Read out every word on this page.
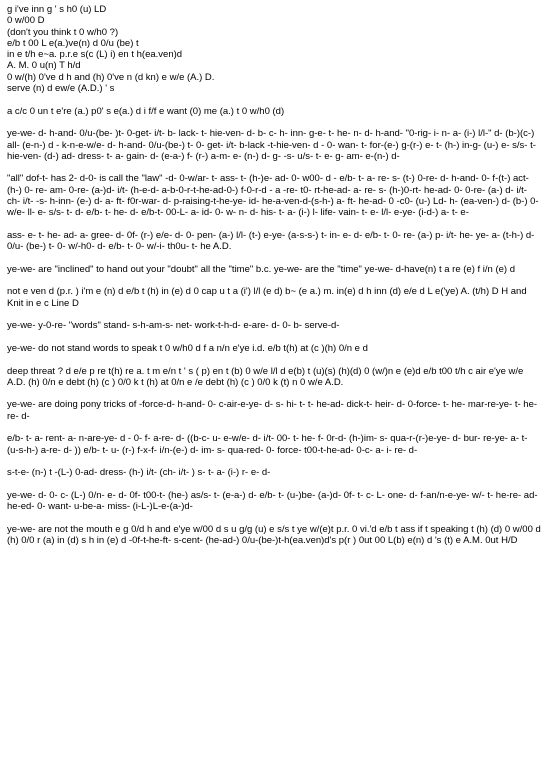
g i've inn g ' s h0 (u) LD

0 w/00 D

(don't you think t 0 w/h0 ?)

e/b t 00 L e(a.)ve(n) d 0/u (be) t

in e t/h e~a. p.r.e s(c (L) i) en t h(ea.ven)d

A. M. 0 u(n) T h/d

0 w/(h) 0've d h and (h) 0've n (d kn) e w/e (A.) D.

serve (n) d ew/e (A.D.) ' s

a c/c 0 un t e're (a.) p0' s e(a.) d i f/f e want (0) me (a.) t 0 w/h0 (d)

ye-we- d- h-and- 0/u-(be- )t- 0-get- i/t- b- lack- t- hie-ven- d- b- c- h- inn- g-e- t- he- n- d- h-and- "0-rig- i- n- a- (i-) l/l-" d- (b-)(c-) all- (e-n-) d - k-n-e-w/e- d- h-and- 0/u-(be-) t- 0- get- i/t- b-lack -t-hie-ven- d - 0- wan- t- for-(e-) g-(r-) e- t- (h-) in-g- (u-) e- s/s- t- hie-ven- (d-) ad- dress- t- a- gain- d- (e-a-) f- (r-) a-m- e- (n-) d- g- -s- u/s- t- e- g- am- e-(n-) d-

"all" dof-t- has 2- d-0- is call the "law" -d- 0-w/ar- t- ass- t- (h-)e- ad- 0- w00- d - e/b- t- a- re- s- (t-) 0-re- d- h-and- 0- f-(t-) act- (h-) 0- re- am- 0-re- (a-)d- i/t- (h-e-d- a-b-0-r-t-he-ad-0-) f-0-r-d - a -re- t0- rt-he-ad- a- re- s- (h-)0-rt- he-ad- 0- 0-re- (a-) d- i/t- ch- i/t- -s- h-inn- (e-) d- a- ft- f0r-war- d- p-raising-t-he-ye- id- he-a-ven-d-(s-h-) a- ft- he-ad- 0 -c0- (u-) Ld- h- (ea-ven-) d- (b-) 0- w/e- ll- e- s/s- t- d- e/b- t- he- d- e/b-t- 00-L- a- id- 0- w- n- d- his- t- a- (i-) l- life- vain- t- e- l/l- e-ye- (i-d-) a- t- e-

ass- e- t- he- ad- a- gree- d- 0f- (r-) e/e- d- 0- pen- (a-) l/l- (t-) e-ye- (a-s-s-) t- in- e- d- e/b- t- 0- re- (a-) p- i/t- he- ye- a- (t-h-) d- 0/u- (be-) t- 0- w/-h0- d- e/b- t- 0- w/-i- th0u- t- he A.D.

ye-we- are "inclined" to hand out your "doubt" all the "time" b.c. ye-we- are the "time" ye-we- d-have(n) t a re (e) f i/n (e) d

not e ven d (p.r. ) i'm e (n) d e/b t (h) in (e) d 0 cap u t a (i') l/l (e d) b~ (e a.) m. in(e) d h inn (d) e/e d L e('ye) A. (t/h) D H and Knit in e c Line D

ye-we- y-0-re- "words" stand- s-h-am-s- net- work-t-h-d- e-are- d- 0- b- serve-d-

ye-we- do not stand words to speak t 0 w/h0 d f a n/n e'ye i.d. e/b t(h) at (c )(h) 0/n e d

deep threat ? d e/e p re t(h) re a. t m e/n t ' s ( p) en t (b) 0 w/e l/l d e(b) t (u)(s) (h)(d) 0 (w/)n e (e)d e/b t00 t/h c air e'ye w/e A.D. (h) 0/n e debt (h) (c ) 0/0 k t (h) at 0/n e /e debt (h) (c ) 0/0 k (t) n 0 w/e A.D.

ye-we- are doing pony tricks of -force-d- h-and- 0- c-air-e-ye- d- s- hi- t- t- he-ad- dick-t- heir- d- 0-force- t- he- mar-re-ye- t- he-re- d-

e/b- t- a- rent- a- n-are-ye- d - 0- f- a-re- d- ((b-c- u- e-w/e- d- i/t- 00- t- he- f- 0r-d- (h-)im- s- qua-r-(r-)e-ye- d- bur- re-ye- a- t- (u-s-h-) a-re- d- )) e/b- t- u- (r-) f-x-f- i/n-(e-) d- im- s- qua-red- 0- force- t00-t-he-ad- 0-c- a- i- re- d-

s-t-e- (n-) t -(L-) 0-ad- dress- (h-) i/t- (ch- i/t- ) s- t- a- (i-) r- e- d-

ye-we- d- 0- c- (L-) 0/n- e- d- 0f- t00-t- (he-) as/s- t- (e-a-) d- e/b- t- (u-)be- (a-)d- 0f- t- c- L- one- d- f-an/n-e-ye- w/- t- he-re- ad- he-ed- 0- want- u-be-a- miss- (i-L-)L-e-(a-)d-

ye-we- are not the mouth e g 0/d h and e'ye w/00 d s u g/g (u) e s/s t ye w/(e)t p.r. 0 vi.'d e/b t ass if t speaking t (h) (d) 0 w/00 d (h) 0/0 r (a) in (d) s h in (e) d -0f-t-he-ft- s-cent- (he-ad-) 0/u-(be-)t-h(ea.ven)d's p(r ) 0ut 00 L(b) e(n) d 's (t) e A.M. 0ut H/D
